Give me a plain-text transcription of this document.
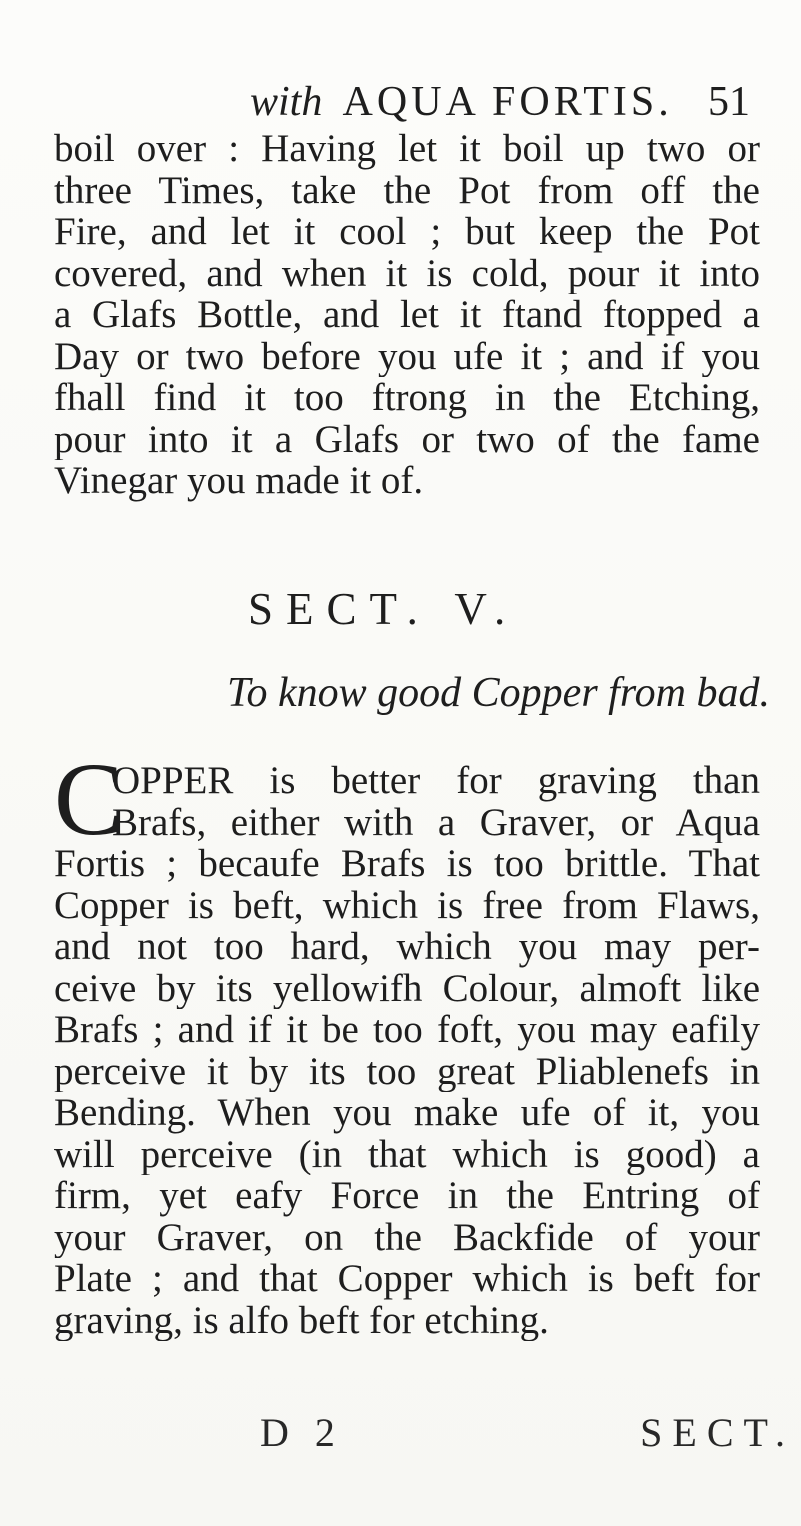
with AQUA FORTIS. 51
boil over : Having let it boil up two or
three Times, take the Pot from off the
Fire, and let it cool ; but keep the Pot
covered, and when it is cold, pour it into
a Glafs Bottle, and let it ftand ftopped a
Day or two before you ufe it ; and if you
fhall find it too ftrong in the Etching,
pour into it a Glafs or two of the fame
Vinegar you made it of.
SECT. V.
To know good Copper from bad.
C
OPPER is better for graving than
Brafs, either with a Graver, or Aqua
Fortis ; becaufe Brafs is too brittle. That
Copper is beft, which is free from Flaws,
and not too hard, which you may per-
ceive by its yellowifh Colour, almoft like
Brafs ; and if it be too foft, you may eafily
perceive it by its too great Pliablenefs in
Bending. When you make ufe of it, you
will perceive (in that which is good) a
firm, yet eafy Force in the Entring of
your Graver, on the Backfide of your
Plate ; and that Copper which is beft for
graving, is alfo beft for etching.
D 2	SECT.
